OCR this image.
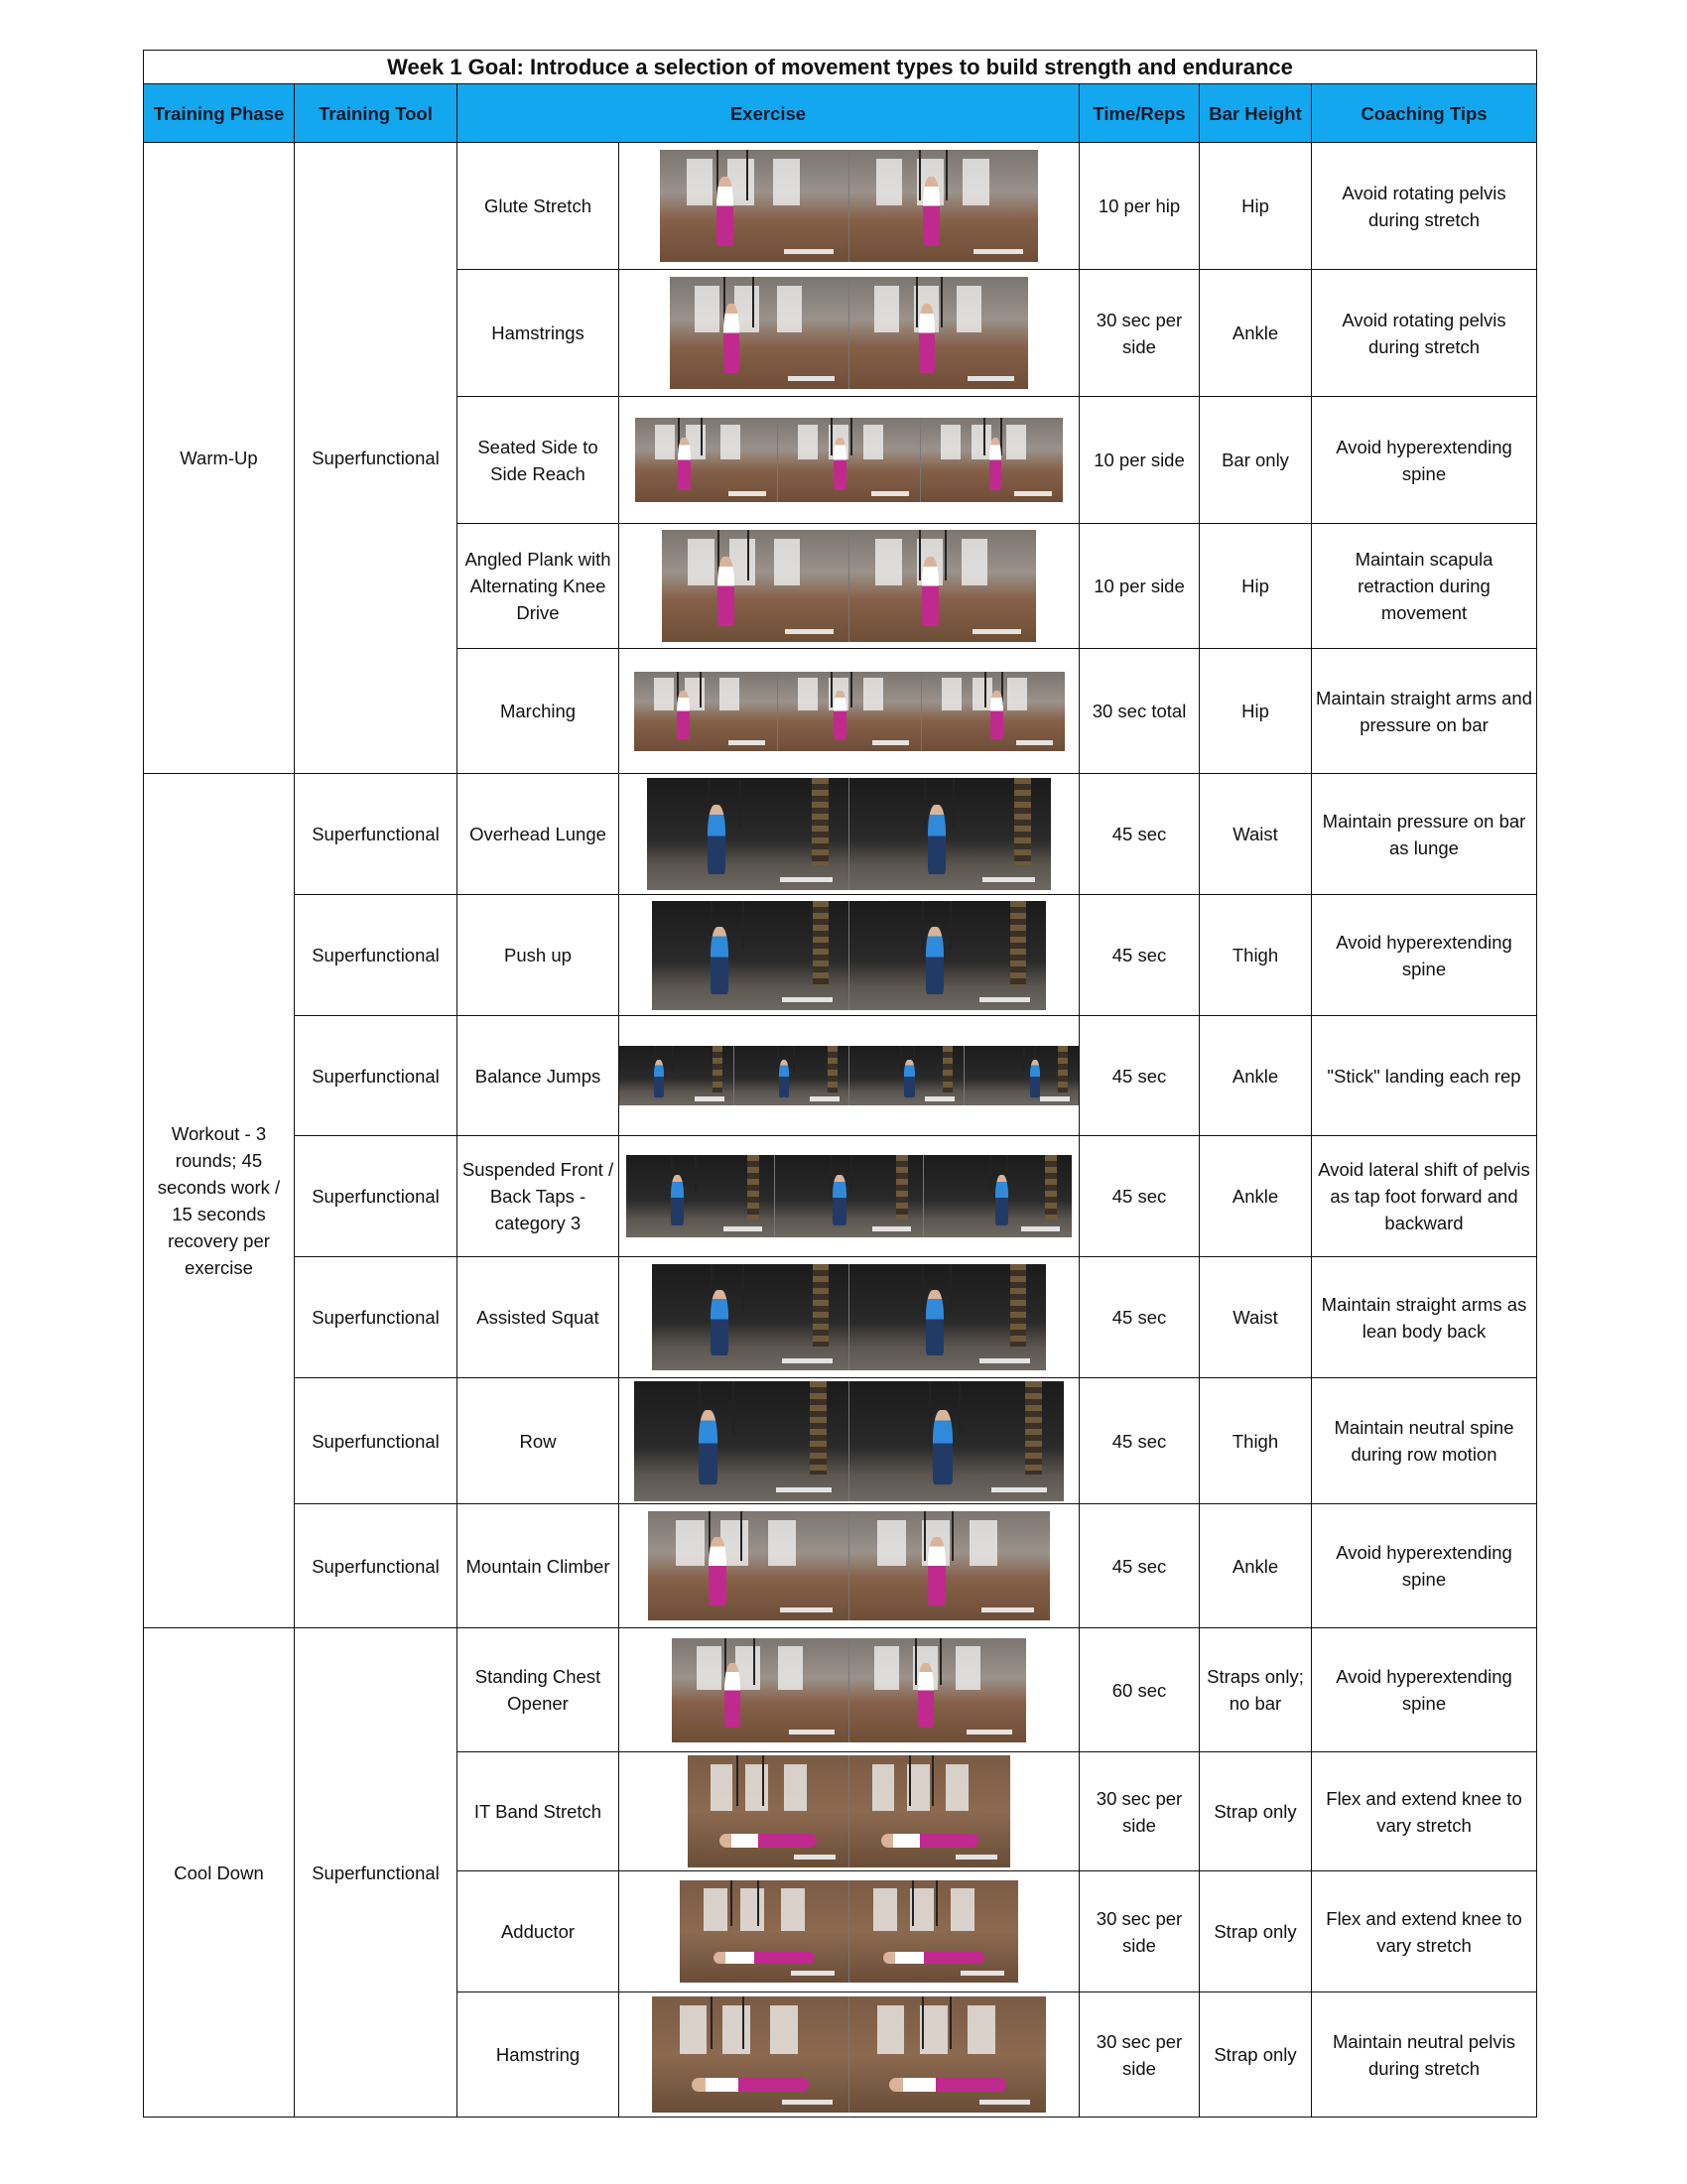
Week 1 Goal: Introduce a selection of movement types to build strength and endurance						
Training Phase	Training Tool	Exercise		Time/Reps	Bar Height	Coaching Tips
Warm-Up	Superfunctional	Glute Stretch		10 per hip	Hip	Avoid rotating pelvis during stretch
		Hamstrings		30 sec per side	Ankle	Avoid rotating pelvis during stretch
		Seated Side to Side Reach		10 per side	Bar only	Avoid hyperextending spine
		Angled Plank with Alternating Knee Drive		10 per side	Hip	Maintain scapula retraction during movement
		Marching		30 sec total	Hip	Maintain straight arms and pressure on bar
Workout - 3 rounds; 45 seconds work / 15 seconds recovery per exercise	Superfunctional	Overhead Lunge		45 sec	Waist	Maintain pressure on bar as lunge
	Superfunctional	Push up		45 sec	Thigh	Avoid hyperextending spine
	Superfunctional	Balance Jumps		45 sec	Ankle	"Stick" landing each rep
	Superfunctional	Suspended Front / Back Taps - category 3		45 sec	Ankle	Avoid lateral shift of pelvis as tap foot forward and backward
	Superfunctional	Assisted Squat		45 sec	Waist	Maintain straight arms as lean body back
	Superfunctional	Row		45 sec	Thigh	Maintain neutral spine during row motion
	Superfunctional	Mountain Climber		45 sec	Ankle	Avoid hyperextending spine
Cool Down	Superfunctional	Standing Chest Opener		60 sec	Straps only; no bar	Avoid hyperextending spine
		IT Band Stretch		30 sec per side	Strap only	Flex and extend knee to vary stretch
		Adductor		30 sec per side	Strap only	Flex and extend knee to vary stretch
		Hamstring		30 sec per side	Strap only	Maintain neutral pelvis during stretch
